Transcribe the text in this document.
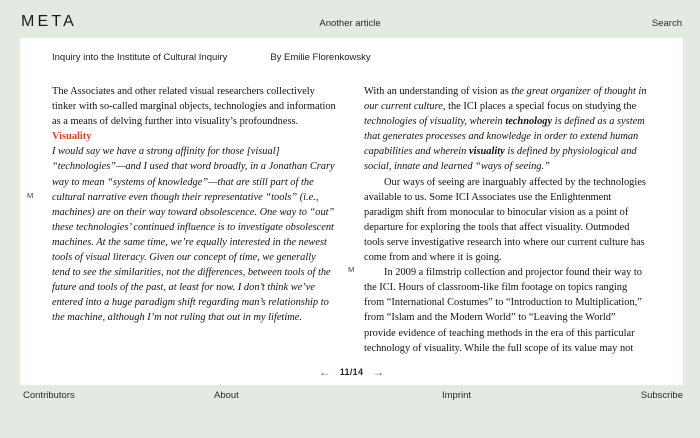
META	Another article	Search
Inquiry into the Institute of Cultural Inquiry	By Emilie Florenkowsky

The Associates and other related visual researchers collectively tinker with so-called marginal objects, technologies and information as a means of delving further into visuality’s profoundness.

Visuality

I would say we have a strong affinity for those [visual] “technologies”—and I used that word broadly, in a Jonathan Crary way to mean “systems of knowledge”—that are still part of the cultural narrative even though their representative “tools” (i.e., machines) are on their way toward obsolescence. One way to “out” these technologies’ continued influence is to investigate obsolescent machines. At the same time, we’re equally interested in the newest tools of visual literacy. Given our concept of time, we generally tend to see the similarities, not the differences, between tools of the future and tools of the past, at least for now. I don’t think we’ve entered into a huge paradigm shift regarding man’s relationship to the machine, although I’m not ruling that out in my lifetime.

With an understanding of vision as the great organizer of thought in our current culture, the ICI places a special focus on studying the technologies of visuality, wherein technology is defined as a system that generates processes and knowledge in order to extend human capabilities and wherein visuality is defined by physiological and social, innate and learned “ways of seeing.”

Our ways of seeing are inarguably affected by the technologies available to us. Some ICI Associates use the Enlightenment paradigm shift from monocular to binocular vision as a point of departure for exploring the tools that affect visuality. Outmoded tools serve investigative research into where our current culture has come from and where it is going.

In 2009 a filmstrip collection and projector found their way to the ICI. Hours of classroom-like film footage on topics ranging from “International Costumes” to “Introduction to Multiplication,” from “Islam and the Modern World” to “Leaving the World” provide evidence of teaching methods in the era of this particular technology of visuality. While the full scope of its value may not

← 11/14 →
M
M
Contributors	About	Imprint	Subscribe
